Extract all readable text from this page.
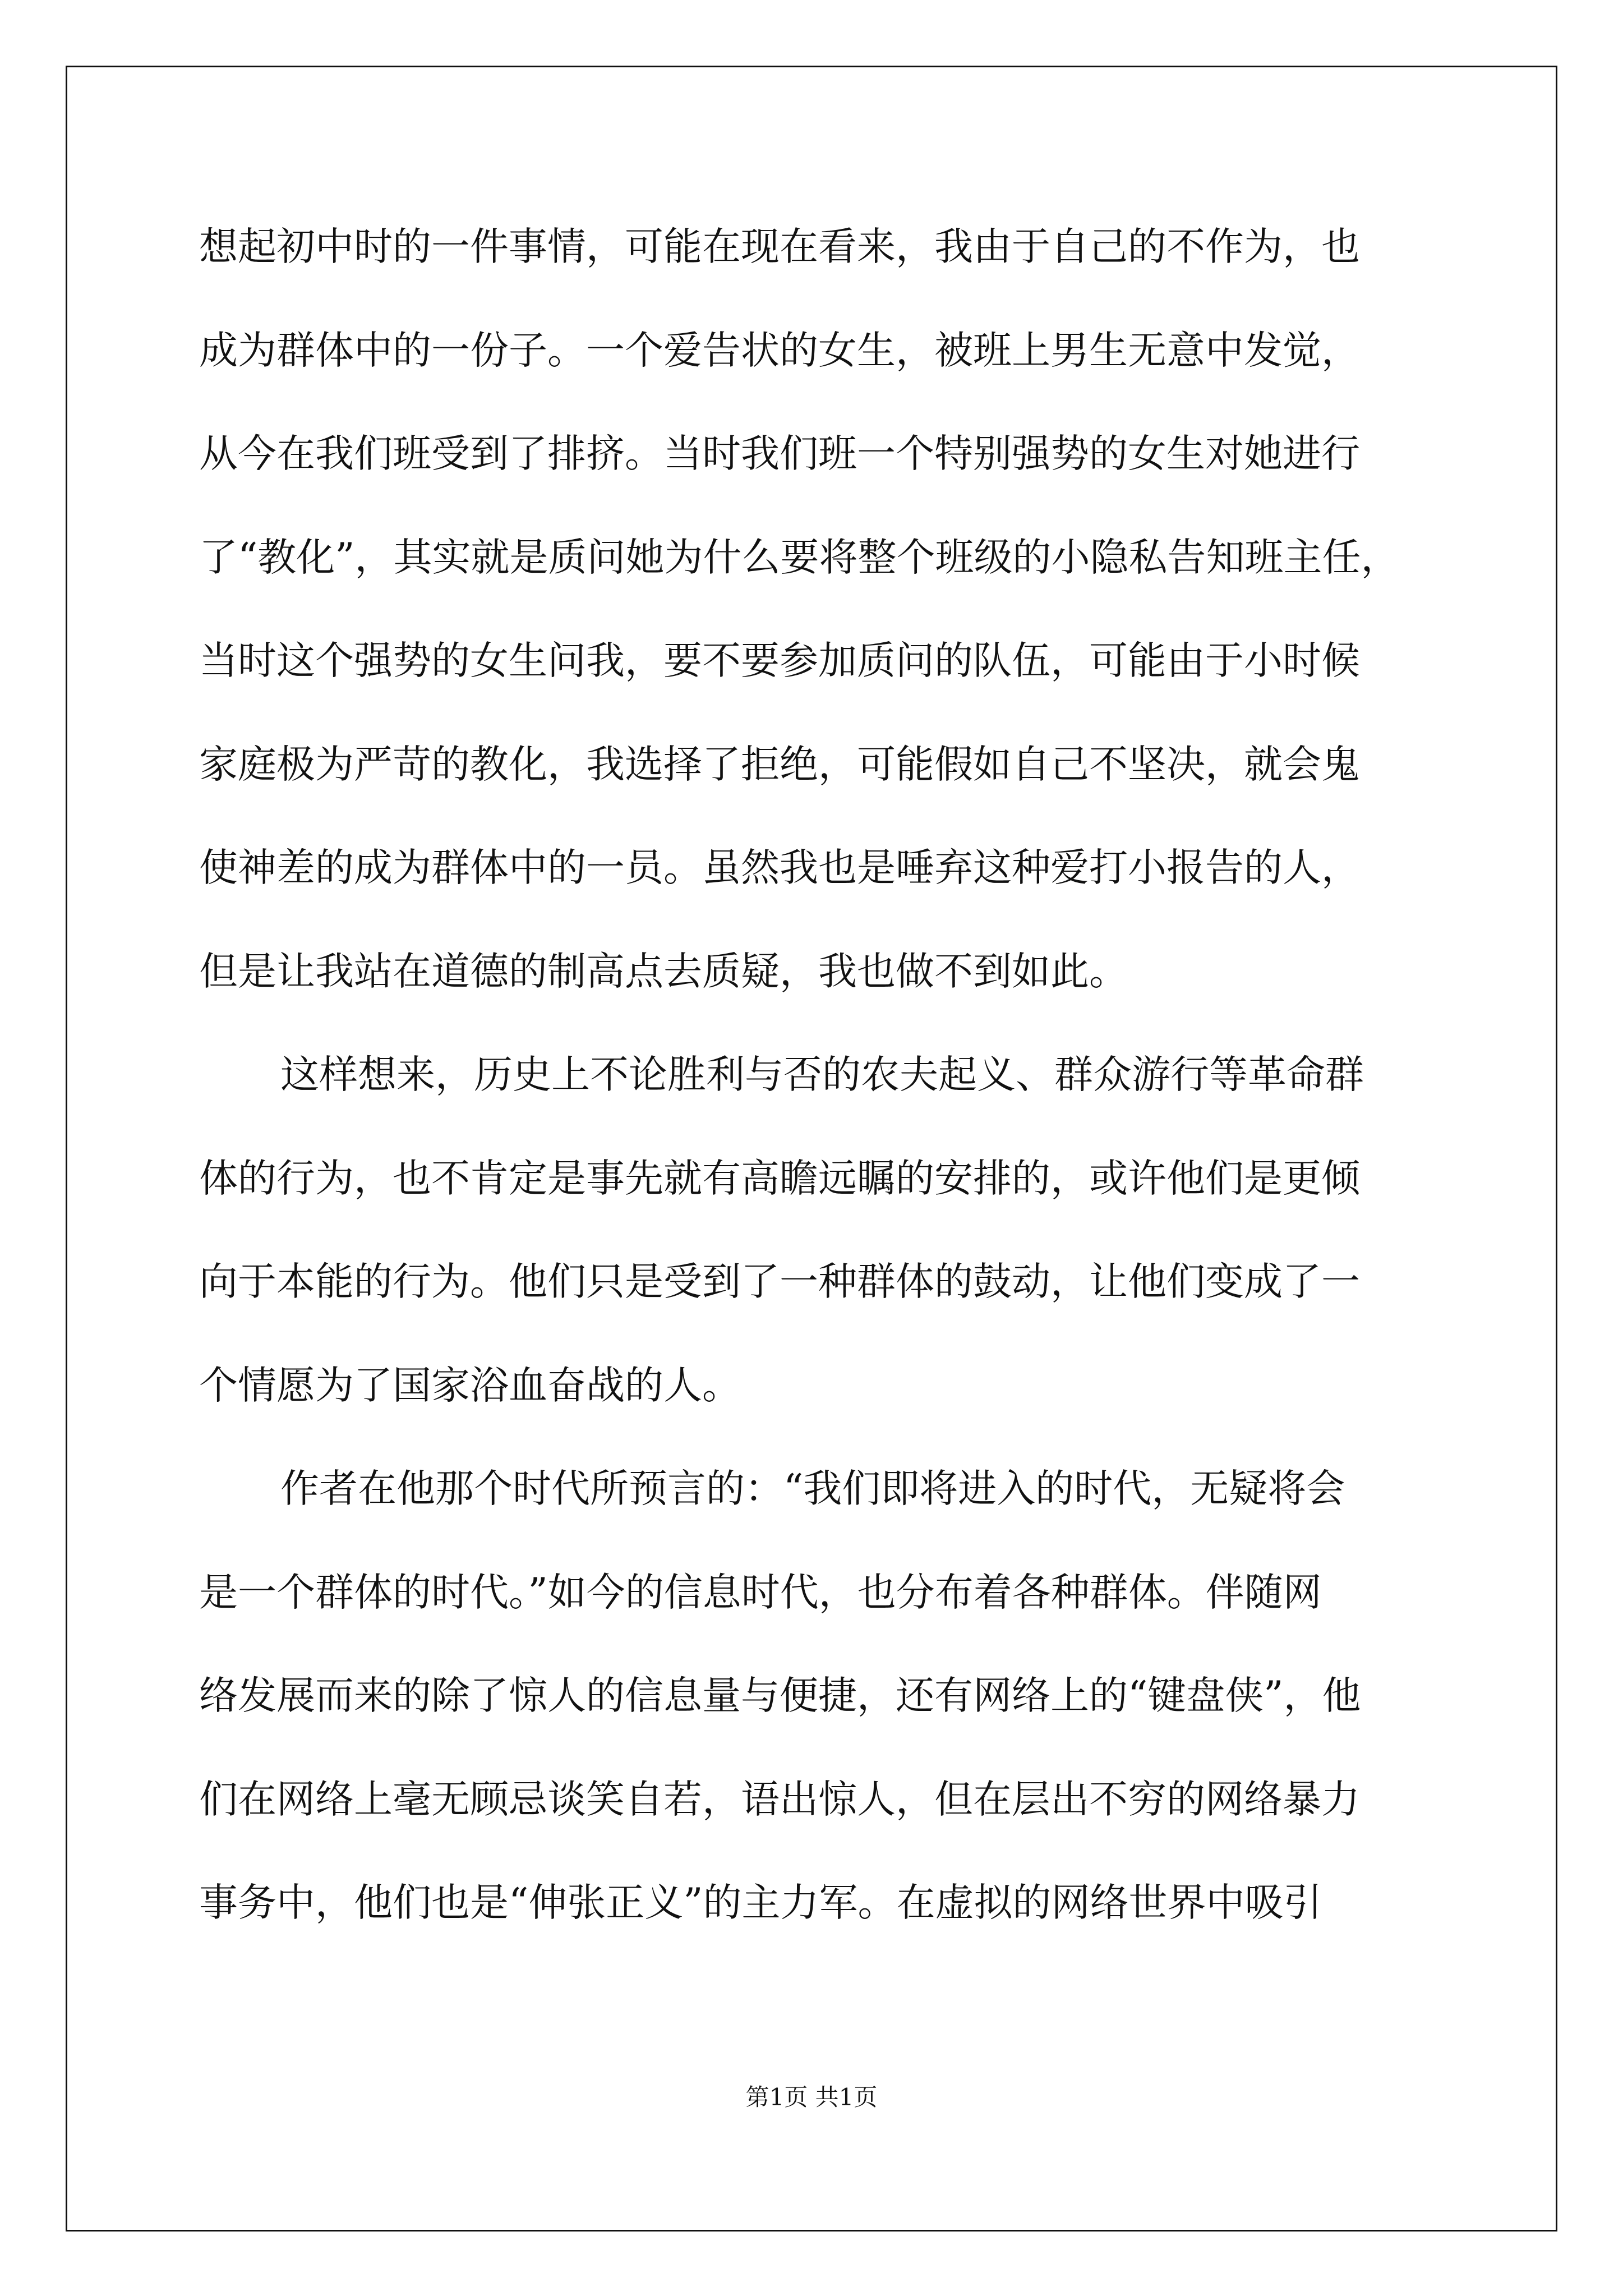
想起初中时的一件事情，可能在现在看来，我由于自己的不作为，也
成为群体中的一份子。一个爱告状的女生，被班上男生无意中发觉，
从今在我们班受到了排挤。当时我们班一个特别强势的女生对她进行
了“教化”，其实就是质问她为什么要将整个班级的小隐私告知班主任，
当时这个强势的女生问我，要不要参加质问的队伍，可能由于小时候
家庭极为严苛的教化，我选择了拒绝，可能假如自己不坚决，就会鬼
使神差的成为群体中的一员。虽然我也是唾弃这种爱打小报告的人，
但是让我站在道德的制高点去质疑，我也做不到如此。
这样想来，历史上不论胜利与否的农夫起义、群众游行等革命群
体的行为，也不肯定是事先就有高瞻远瞩的安排的，或许他们是更倾
向于本能的行为。他们只是受到了一种群体的鼓动，让他们变成了一
个情愿为了国家浴血奋战的人。
作者在他那个时代所预言的：“我们即将进入的时代，无疑将会
是一个群体的时代。”如今的信息时代，也分布着各种群体。伴随网
络发展而来的除了惊人的信息量与便捷，还有网络上的“键盘侠”，他
们在网络上毫无顾忌谈笑自若，语出惊人，但在层出不穷的网络暴力
事务中，他们也是“伸张正义”的主力军。在虚拟的网络世界中吸引
第1页 共1页
